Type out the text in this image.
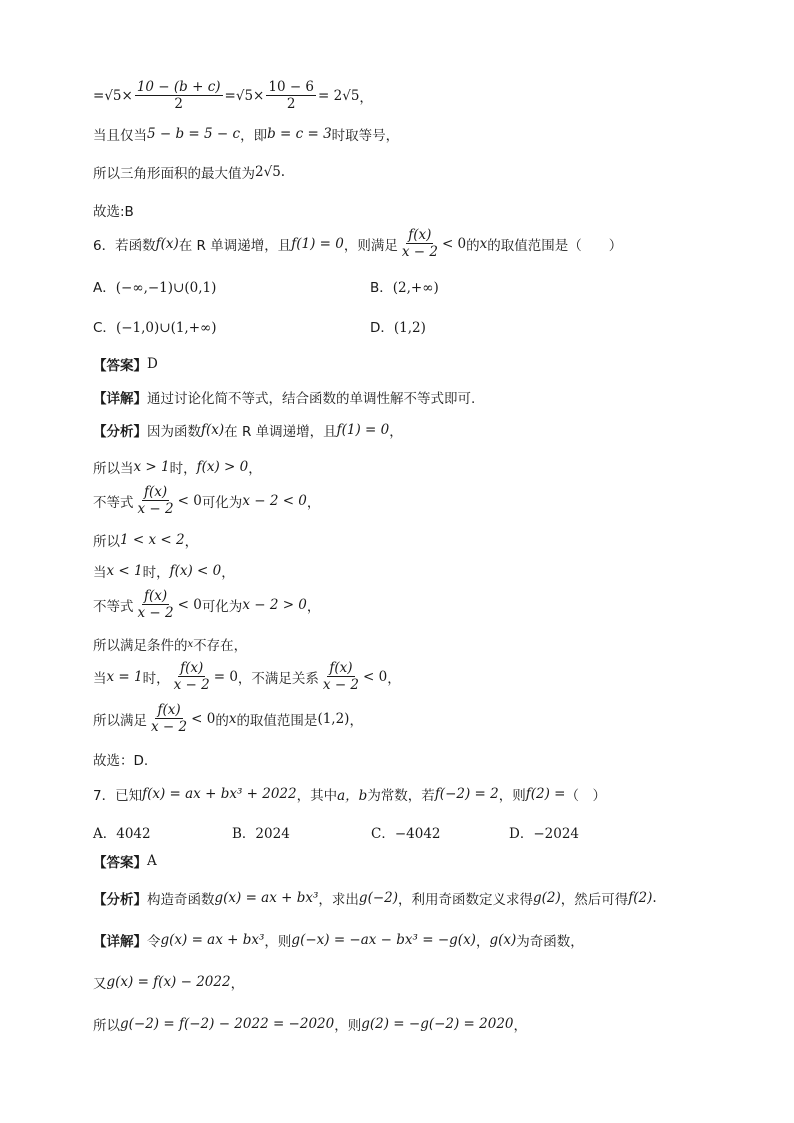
= $√5 \times \frac{10 - (b + c)}{2} = √5 \times \frac{10 - 6}{2} = 2√5$ ，
当且仅当 5 − b = 5 − c ，即 b = c = 3 时取等号，
所以三角形面积的最大值为 2√5 .
故选:B
6．若函数 f(x) 在 R 单调递增，且 f(1) = 0 ，则满足 $\frac{f(x)}{x - 2} < 0$ 的 x 的取值范围是（　　）
A．(−∞,−1)∪(0,1)	B．(2,+∞)
C．(−1,0)∪(1,+∞)	D．(1,2)
【答案】 D
【详解】 通过讨论化简不等式，结合函数的单调性解不等式即可.
【分析】 因为函数 f(x) 在 R 单调递增，且 f(1) = 0 ，
所以当 x > 1 时， f(x) > 0 ，
不等式 $\frac{f(x)}{x - 2} < 0$ 可化为 x − 2 < 0 ，
所以 1 < x < 2 ，
当 x < 1 时， f(x) < 0 ，
不等式 $\frac{f(x)}{x - 2} < 0$ 可化为 x − 2 > 0 ，
所以满足条件的 x 不存在，
当 x = 1 时， $\frac{f(x)}{x - 2} = 0$ ，不满足关系 $\frac{f(x)}{x - 2} < 0$ ，
所以满足 $\frac{f(x)}{x - 2} < 0$ 的 x 的取值范围是 (1,2) ，
故选：D.
7．已知 f(x) = ax + bx³ + 2022 ，其中 a，b 为常数，若 f(−2) = 2 ，则 f(2) = （　）
A．4042	B．2024	C．−4042	D．−2024
【答案】 A
【分析】 构造奇函数 g(x) = ax + bx³ ，求出 g(−2) ，利用奇函数定义求得 g(2) ，然后可得 f(2) .
【详解】 令 g(x) = ax + bx³ ，则 g(−x) = −ax − bx³ = −g(x) ， g(x) 为奇函数，
又 g(x) = f(x) − 2022 ，
所以 g(−2) = f(−2) − 2022 = −2020 ，则 g(2) = −g(−2) = 2020 ，
